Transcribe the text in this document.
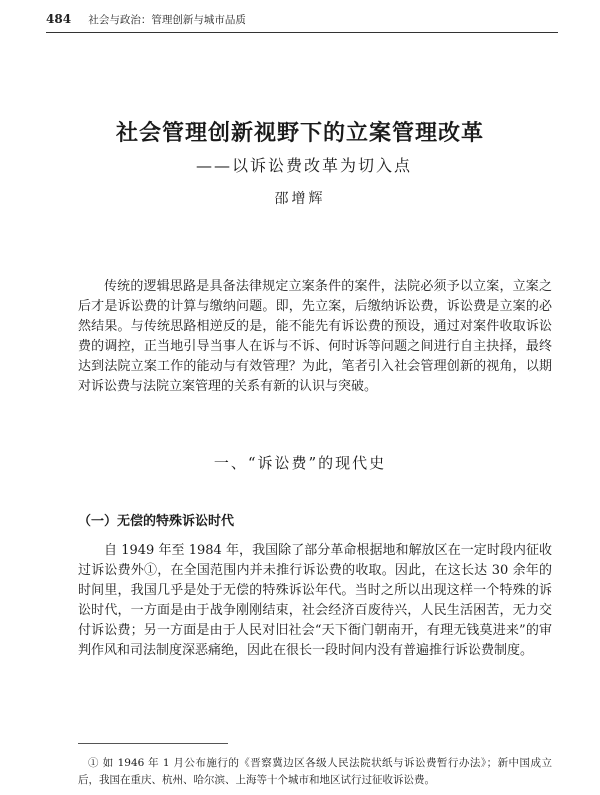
484 社会与政治：管理创新与城市品质
社会管理创新视野下的立案管理改革
——以诉讼费改革为切入点
邵增辉

传统的逻辑思路是具备法律规定立案条件的案件，法院必须予以立案，立案之后才是诉讼费的计算与缴纳问题。即，先立案，后缴纳诉讼费，诉讼费是立案的必然结果。与传统思路相逆反的是，能不能先有诉讼费的预设，通过对案件收取诉讼费的调控，正当地引导当事人在诉与不诉、何时诉等问题之间进行自主抉择，最终达到法院立案工作的能动与有效管理？为此，笔者引入社会管理创新的视角，以期对诉讼费与法院立案管理的关系有新的认识与突破。

一、“诉讼费”的现代史
（一）无偿的特殊诉讼时代

自 1949 年至 1984 年，我国除了部分革命根据地和解放区在一定时段内征收过诉讼费外①，在全国范围内并未推行诉讼费的收取。因此，在这长达 30 余年的时间里，我国几乎是处于无偿的特殊诉讼年代。当时之所以出现这样一个特殊的诉讼时代，一方面是由于战争刚刚结束，社会经济百废待兴，人民生活困苦，无力交付诉讼费；另一方面是由于人民对旧社会“天下衙门朝南开，有理无钱莫进来”的审判作风和司法制度深恶痛绝，因此在很长一段时间内没有普遍推行诉讼费制度。

① 如 1946 年 1 月公布施行的《晋察冀边区各级人民法院状纸与诉讼费暂行办法》；新中国成立后，我国在重庆、杭州、哈尔滨、上海等十个城市和地区试行过征收诉讼费。
